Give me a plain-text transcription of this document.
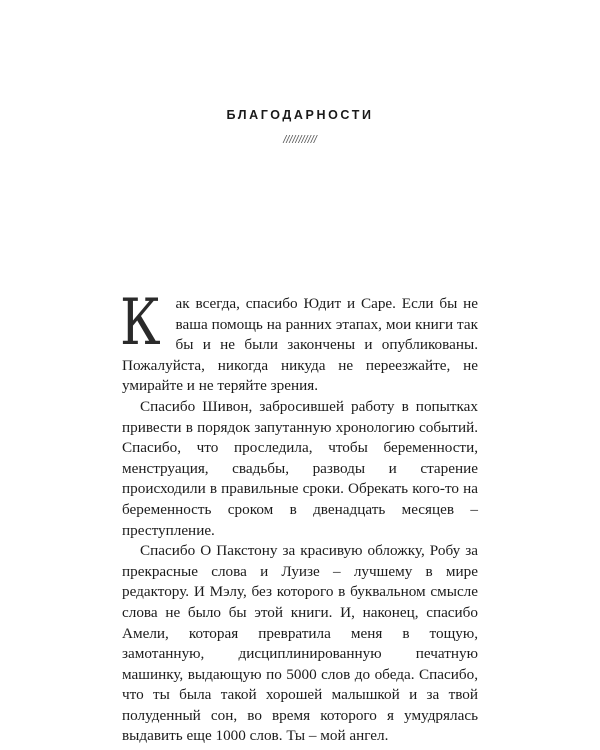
БЛАГОДАРНОСТИ
///////////

Как всегда, спасибо Юдит и Саре. Если бы не ваша помощь на ранних этапах, мои книги так бы и не были закончены и опубликованы. Пожалуйста, никогда никуда не переезжайте, не умирайте и не теряйте зрения.

Спасибо Шивон, забросившей работу в попытках привести в порядок запутанную хронологию событий. Спасибо, что проследила, чтобы беременности, менструация, свадьбы, разводы и старение происходили в правильные сроки. Обрекать кого-то на беременность сроком в двенадцать месяцев – преступление.

Спасибо О Пакстону за красивую обложку, Робу за прекрасные слова и Луизе – лучшему в мире редактору. И Мэлу, без которого в буквальном смысле слова не было бы этой книги. И, наконец, спасибо Амели, которая превратила меня в тощую, замотанную, дисциплинированную печатную машинку, выдающую по 5000 слов до обеда. Спасибо, что ты была такой хорошей малышкой и за твой полуденный сон, во время которого я умудрялась выдавить еще 1000 слов. Ты – мой ангел.
